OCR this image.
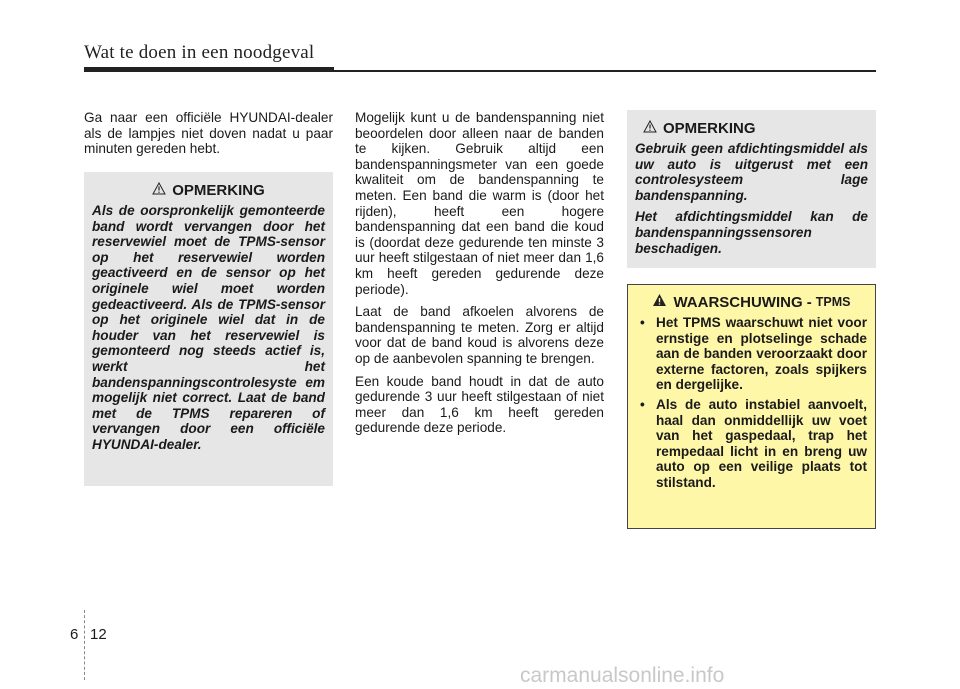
Wat te doen in een noodgeval

Ga naar een officiële HYUNDAI-dealer als de lampjes niet doven nadat u paar minuten gereden hebt.

OPMERKING

Als de oorspronkelijk gemonteerde band wordt vervangen door het reservewiel moet de TPMS-sensor op het reservewiel worden geactiveerd en de sensor op het originele wiel moet worden gedeactiveerd. Als de TPMS-sensor op het originele wiel dat in de houder van het reservewiel is gemonteerd nog steeds actief is, werkt het bandenspanningscontrolesyste em mogelijk niet correct. Laat de band met de TPMS repareren of vervangen door een officiële HYUNDAI-dealer.

Mogelijk kunt u de bandenspanning niet beoordelen door alleen naar de banden te kijken. Gebruik altijd een bandenspanningsmeter van een goede kwaliteit om de bandenspanning te meten. Een band die warm is (door het rijden), heeft een hogere bandenspanning dat een band die koud is (doordat deze gedurende ten minste 3 uur heeft stilgestaan of niet meer dan 1,6 km heeft gereden gedurende deze periode).

Laat de band afkoelen alvorens de bandenspanning te meten. Zorg er altijd voor dat de band koud is alvorens deze op de aanbevolen spanning te brengen.

Een koude band houdt in dat de auto gedurende 3 uur heeft stilgestaan of niet meer dan 1,6 km heeft gereden gedurende deze periode.

OPMERKING

Gebruik geen afdichtingsmiddel als uw auto is uitgerust met een controlesysteem lage bandenspanning.

Het afdichtingsmiddel kan de bandenspanningssensoren beschadigen.

WAARSCHUWING - TPMS
• Het TPMS waarschuwt niet voor ernstige en plotselinge schade aan de banden veroorzaakt door externe factoren, zoals spijkers en dergelijke.
• Als de auto instabiel aanvoelt, haal dan onmiddellijk uw voet van het gaspedaal, trap het rempedaal licht in en breng uw auto op een veilige plaats tot stilstand.
6 12
carmanualsonline.info
